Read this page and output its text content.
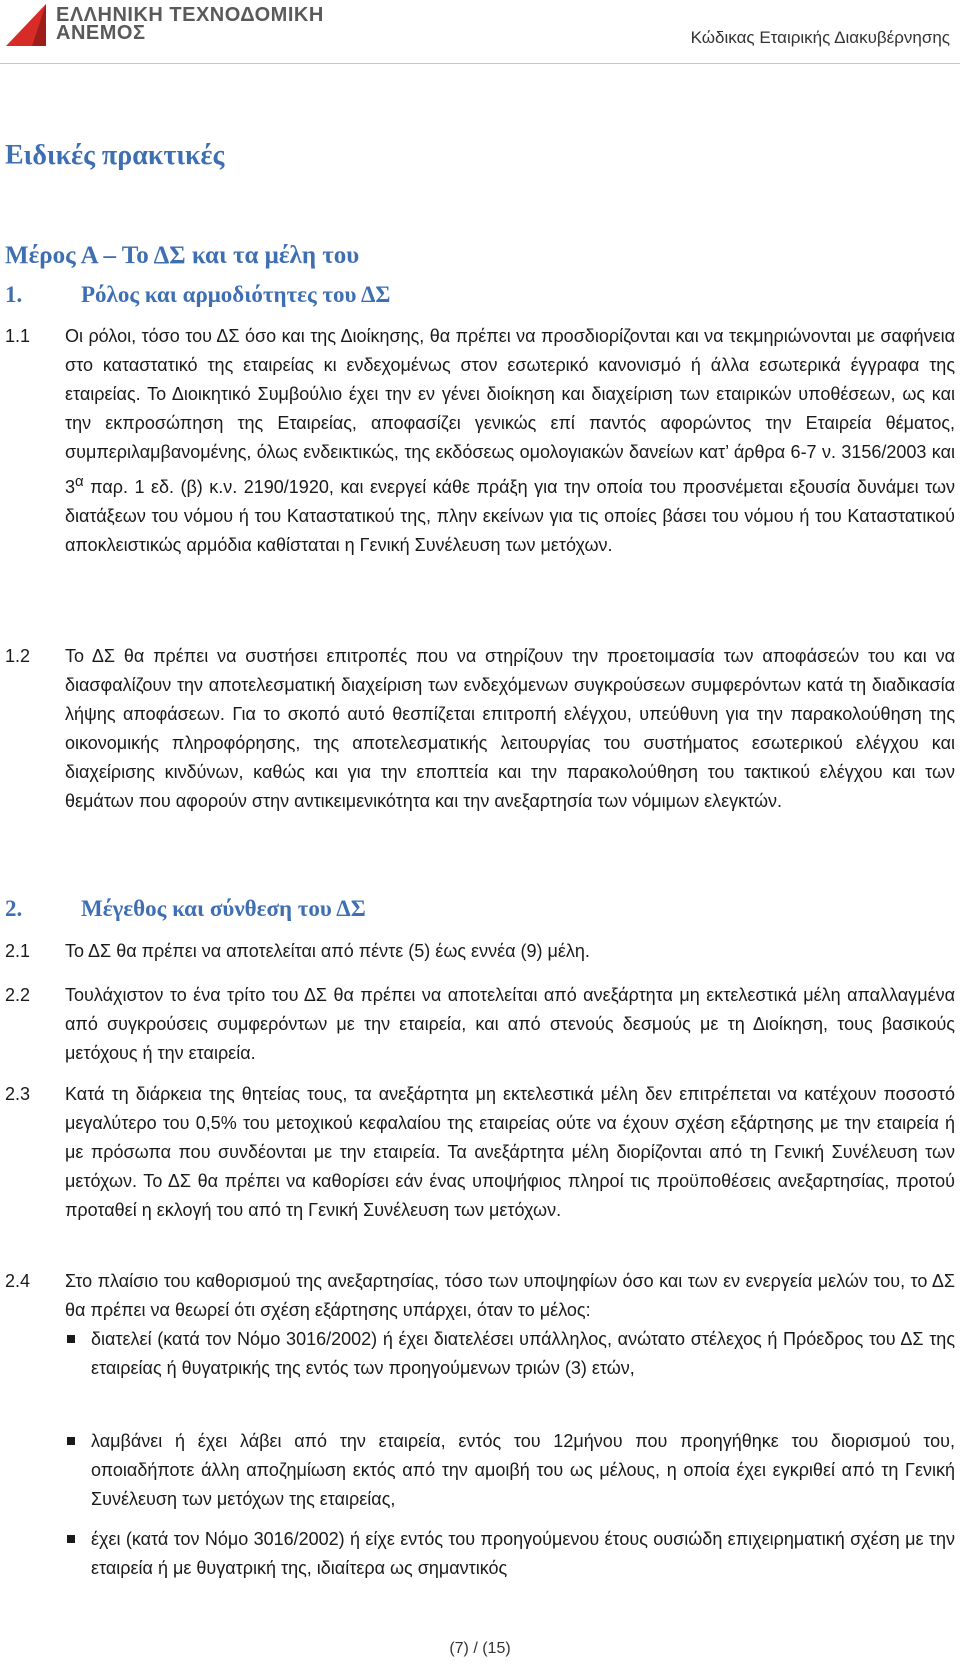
ΕΛΛΗΝΙΚΗ ΤΕΧΝΟΔΟΜΙΚΗ
ΑΝΕΜΟΣ	Κώδικας Εταιρικής Διακυβέρνησης
Ειδικές πρακτικές
Μέρος Α – Το ΔΣ και τα μέλη του
1.	Ρόλος και αρμοδιότητες του ΔΣ
1.1 Οι ρόλοι, τόσο του ΔΣ όσο και της Διοίκησης, θα πρέπει να προσδιορίζονται και να τεκμηριώνονται με σαφήνεια στο καταστατικό της εταιρείας κι ενδεχομένως στον εσωτερικό κανονισμό ή άλλα εσωτερικά έγγραφα της εταιρείας. Το Διοικητικό Συμβούλιο έχει την εν γένει διοίκηση και διαχείριση των εταιρικών υποθέσεων, ως και την εκπροσώπηση της Εταιρείας, αποφασίζει γενικώς επί παντός αφορώντος την Εταιρεία θέματος, συμπεριλαμβανομένης, όλως ενδεικτικώς, της εκδόσεως ομολογιακών δανείων κατ’ άρθρα 6-7 ν. 3156/2003 και $3^\alpha$ παρ. 1 εδ. (β) κ.ν. 2190/1920, και ενεργεί κάθε πράξη για την οποία του προσνέμεται εξουσία δυνάμει των διατάξεων του νόμου ή του Καταστατικού της, πλην εκείνων για τις οποίες βάσει του νόμου ή του Καταστατικού αποκλειστικώς αρμόδια καθίσταται η Γενική Συνέλευση των μετόχων.
1.2 Το ΔΣ θα πρέπει να συστήσει επιτροπές που να στηρίζουν την προετοιμασία των αποφάσεών του και να διασφαλίζουν την αποτελεσματική διαχείριση των ενδεχόμενων συγκρούσεων συμφερόντων κατά τη διαδικασία λήψης αποφάσεων. Για το σκοπό αυτό θεσπίζεται επιτροπή ελέγχου, υπεύθυνη για την παρακολούθηση της οικονομικής πληροφόρησης, της αποτελεσματικής λειτουργίας του συστήματος εσωτερικού ελέγχου και διαχείρισης κινδύνων, καθώς και για την εποπτεία και την παρακολούθηση του τακτικού ελέγχου και των θεμάτων που αφορούν στην αντικειμενικότητα και την ανεξαρτησία των νόμιμων ελεγκτών.
2.	Μέγεθος και σύνθεση του ΔΣ
2.1 Το ΔΣ θα πρέπει να αποτελείται από πέντε (5) έως εννέα (9) μέλη.
2.2 Τουλάχιστον το ένα τρίτο του ΔΣ θα πρέπει να αποτελείται από ανεξάρτητα μη εκτελεστικά μέλη απαλλαγμένα από συγκρούσεις συμφερόντων με την εταιρεία, και από στενούς δεσμούς με τη Διοίκηση, τους βασικούς μετόχους ή την εταιρεία.
2.3 Κατά τη διάρκεια της θητείας τους, τα ανεξάρτητα μη εκτελεστικά μέλη δεν επιτρέπεται να κατέχουν ποσοστό μεγαλύτερο του 0,5% του μετοχικού κεφαλαίου της εταιρείας ούτε να έχουν σχέση εξάρτησης με την εταιρεία ή με πρόσωπα που συνδέονται με την εταιρεία. Τα ανεξάρτητα μέλη διορίζονται από τη Γενική Συνέλευση των μετόχων. Το ΔΣ θα πρέπει να καθορίσει εάν ένας υποψήφιος πληροί τις προϋποθέσεις ανεξαρτησίας, προτού προταθεί η εκλογή του από τη Γενική Συνέλευση των μετόχων.
2.4 Στο πλαίσιο του καθορισμού της ανεξαρτησίας, τόσο των υποψηφίων όσο και των εν ενεργεία μελών του, το ΔΣ θα πρέπει να θεωρεί ότι σχέση εξάρτησης υπάρχει, όταν το μέλος:
διατελεί (κατά τον Νόμο 3016/2002) ή έχει διατελέσει υπάλληλος, ανώτατο στέλεχος ή Πρόεδρος του ΔΣ της εταιρείας ή θυγατρικής της εντός των προηγούμενων τριών (3) ετών,
λαμβάνει ή έχει λάβει από την εταιρεία, εντός του 12μήνου που προηγήθηκε του διορισμού του, οποιαδήποτε άλλη αποζημίωση εκτός από την αμοιβή του ως μέλους, η οποία έχει εγκριθεί από τη Γενική Συνέλευση των μετόχων της εταιρείας,
έχει (κατά τον Νόμο 3016/2002) ή είχε εντός του προηγούμενου έτους ουσιώδη επιχειρηματική σχέση με την εταιρεία ή με θυγατρική της, ιδιαίτερα ως σημαντικός
(7) / (15)
